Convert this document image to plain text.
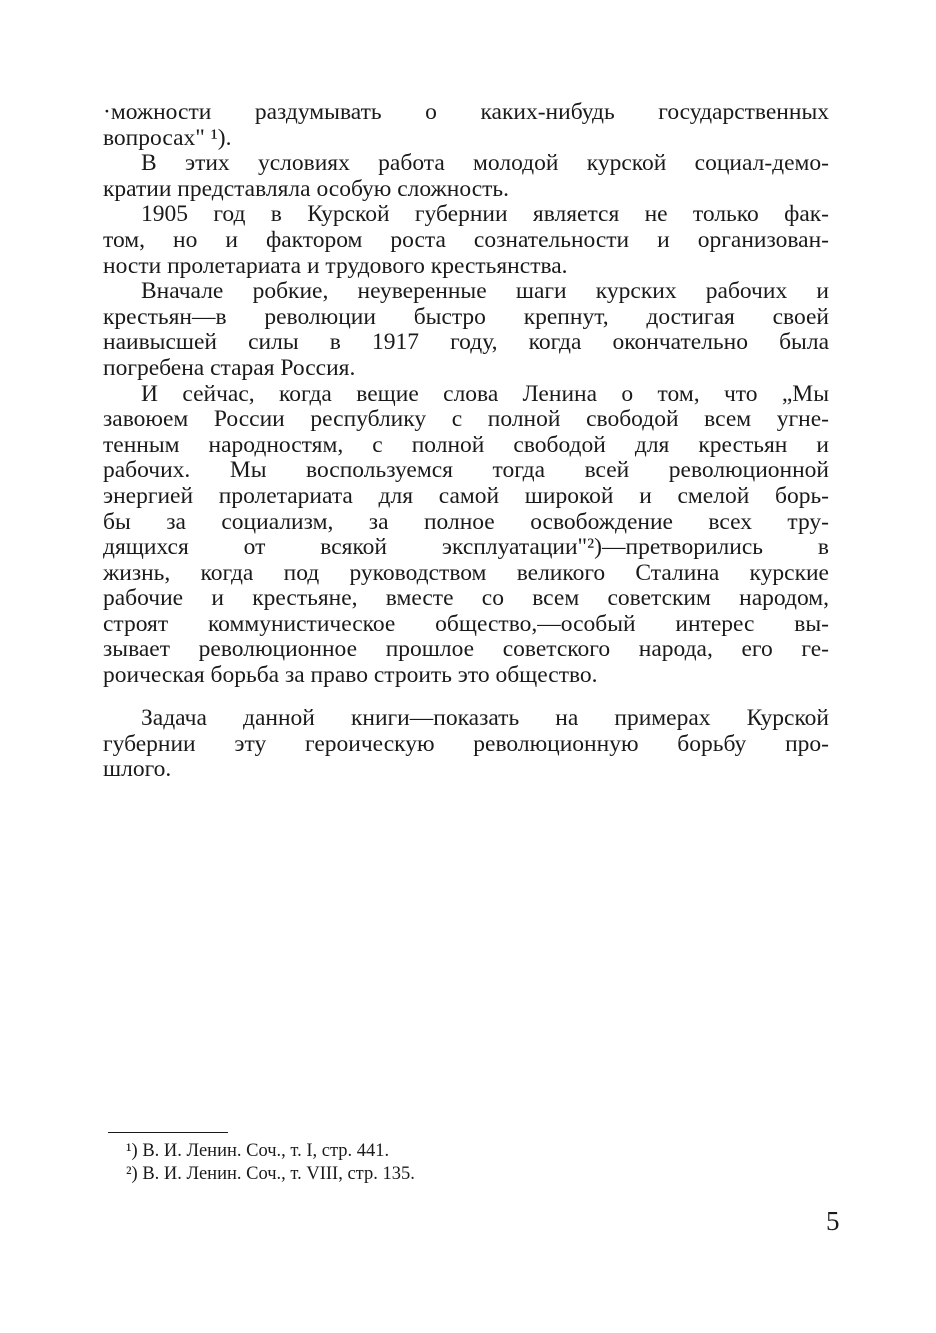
·можности раздумывать о каких-нибудь государственных
вопросах" ¹).
В этих условиях работа молодой курской социал-демо-
кратии представляла особую сложность.
1905 год в Курской губернии является не только фак-
том, но и фактором роста сознательности и организован-
ности пролетариата и трудового крестьянства.
Вначале робкие, неуверенные шаги курских рабочих и
крестьян—в революции быстро крепнут, достигая своей
наивысшей силы в 1917 году, когда окончательно была
погребена старая Россия.
И сейчас, когда вещие слова Ленина о том, что „Мы
завоюем России республику с полной свободой всем угне-
тенным народностям, с полной свободой для крестьян и
рабочих. Мы воспользуемся тогда всей революционной
энергией пролетариата для самой широкой и смелой борь-
бы за социализм, за полное освобождение всех тру-
дящихся от всякой эксплуатации"²)—претворились в
жизнь, когда под руководством великого Сталина курские
рабочие и крестьяне, вместе со всем советским народом,
строят коммунистическое общество,—особый интерес вы-
зывает революционное прошлое советского народа, его ге-
роическая борьба за право строить это общество.
Задача данной книги—показать на примерах Курской
губернии эту героическую революционную борьбу про-
шлого.
¹) В. И. Ленин. Соч., т. I, стр. 441.
²) В. И. Ленин. Соч., т. VIII, стр. 135.
5
